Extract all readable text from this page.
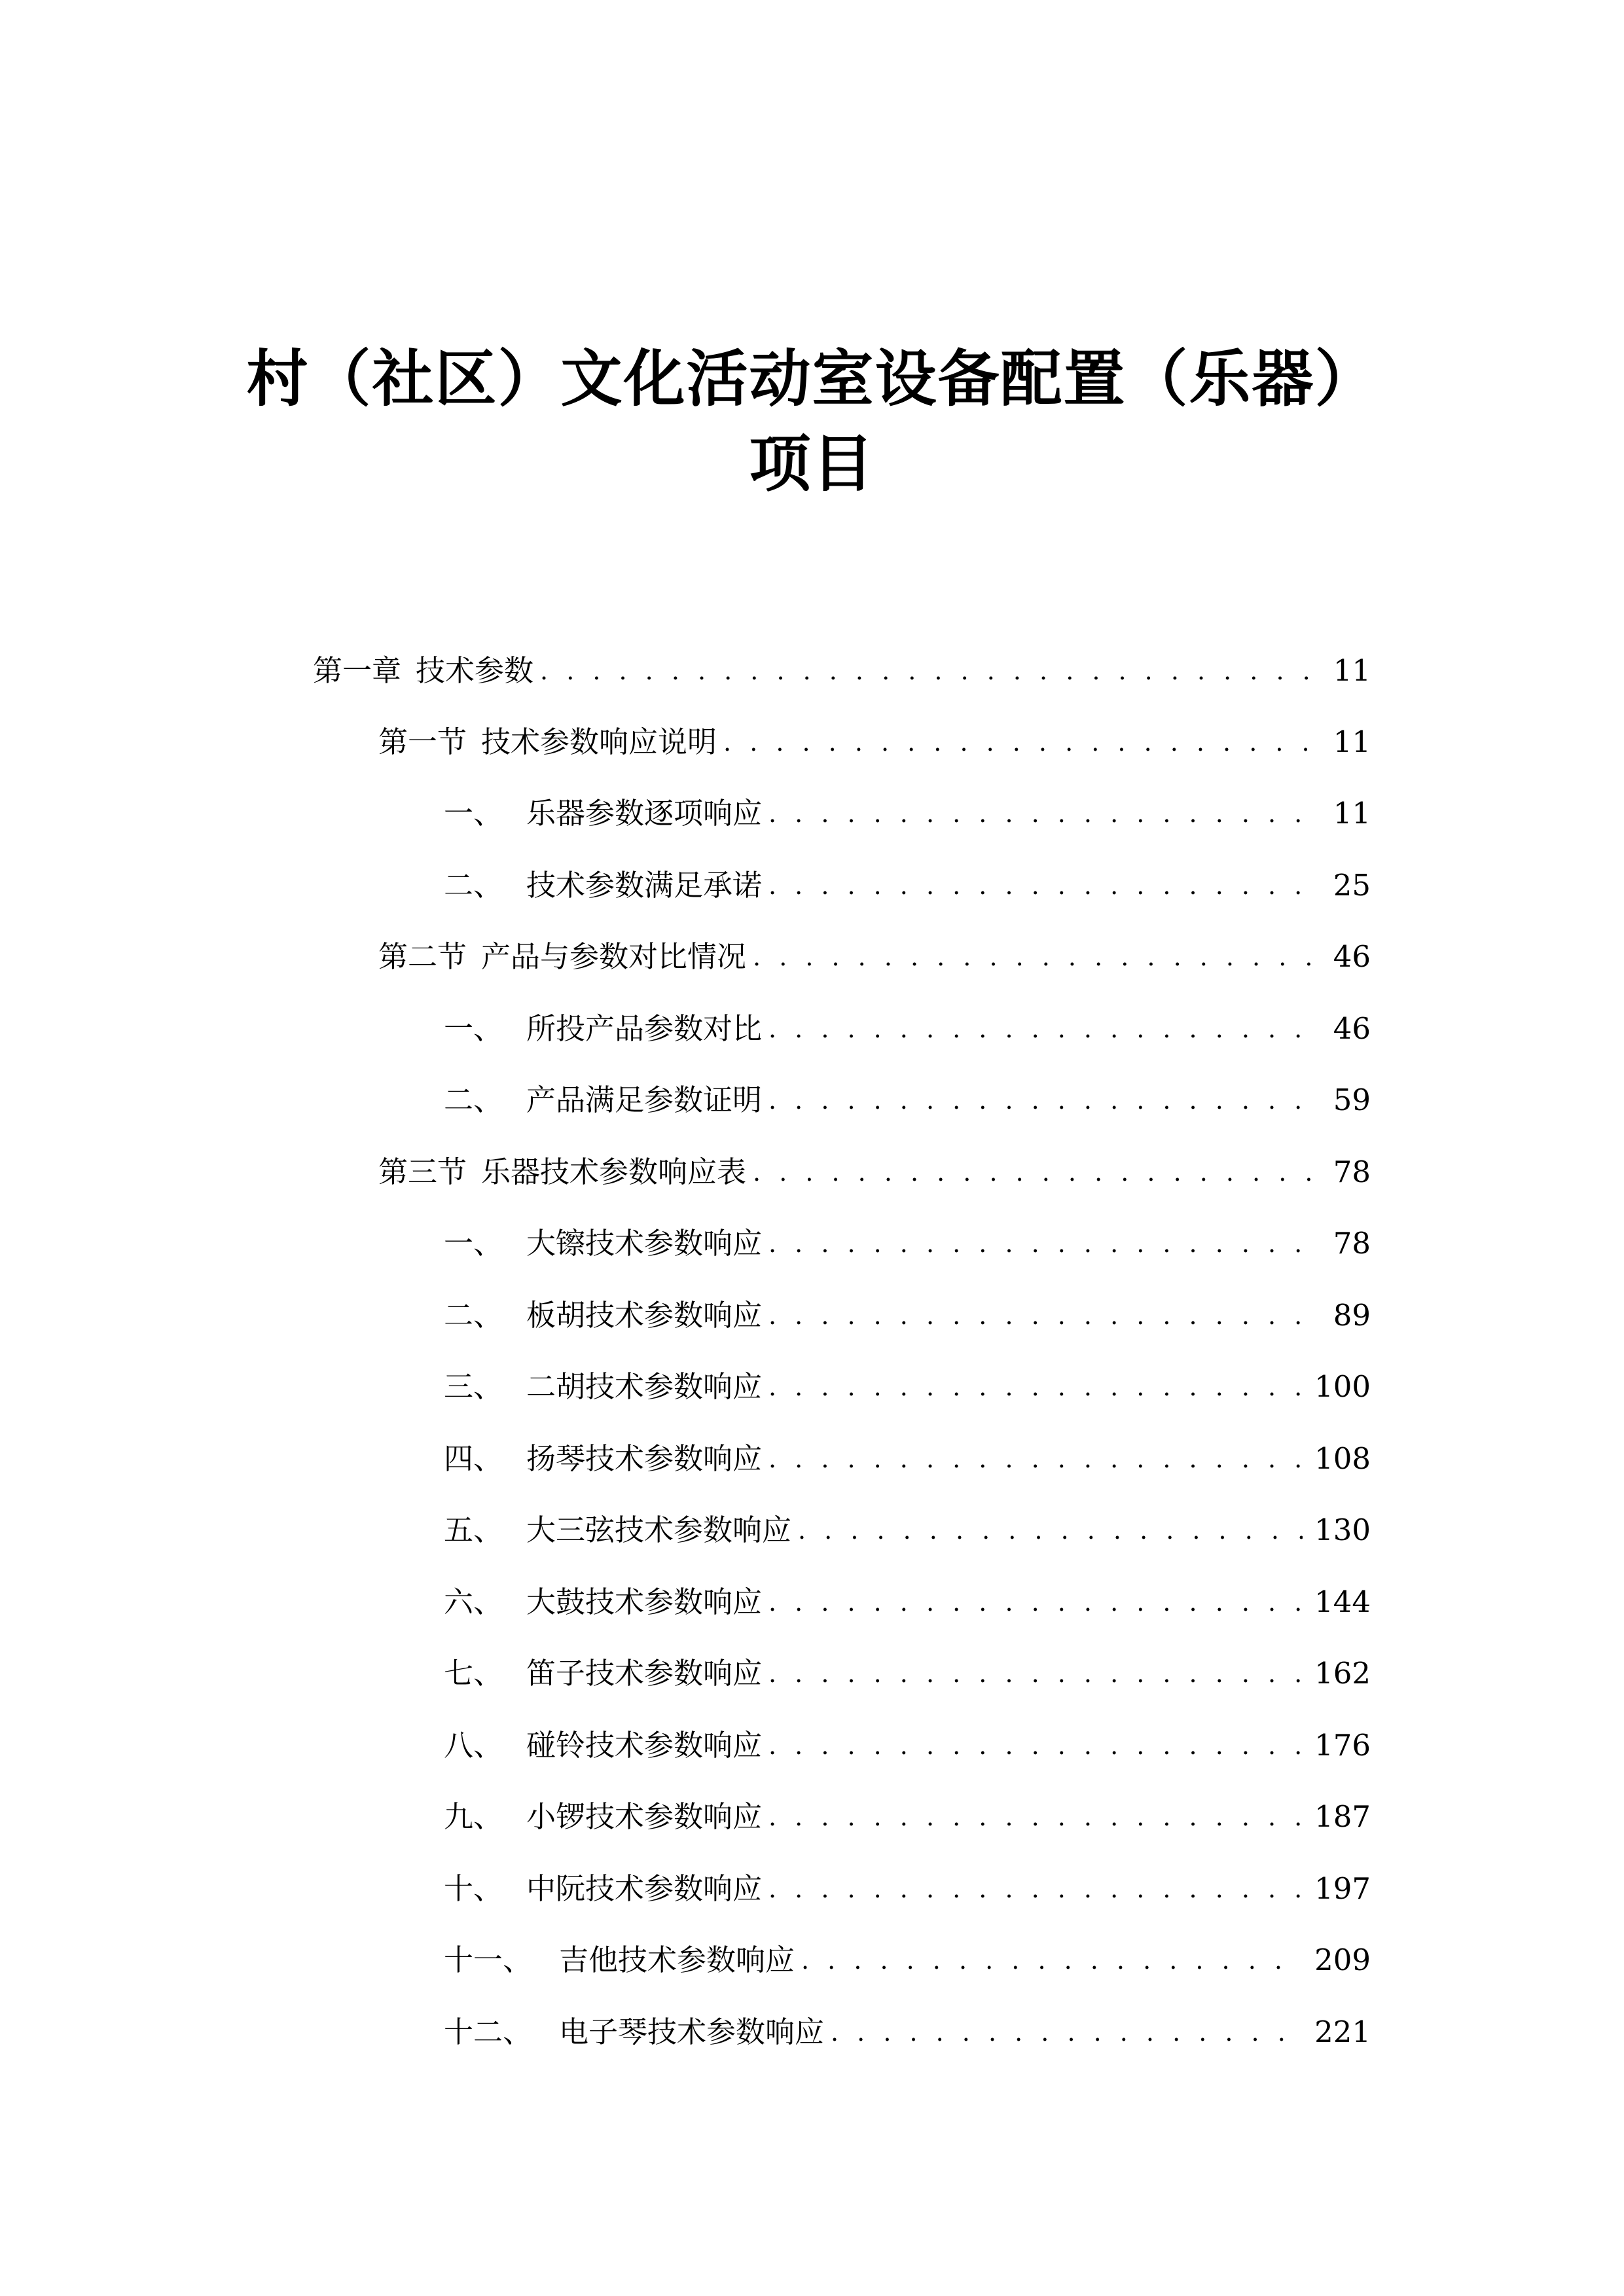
村（社区）文化活动室设备配置（乐器）
项目
第一章 技术参数 . . .	11
第一节 技术参数响应说明 . . .	11
一、 乐器参数逐项响应 . . .	11
二、 技术参数满足承诺 . . .	25
第二节 产品与参数对比情况 . . .	46
一、 所投产品参数对比 . . .	46
二、 产品满足参数证明 . . .	59
第三节 乐器技术参数响应表 . . .	78
一、 大镲技术参数响应 . . .	78
二、 板胡技术参数响应 . . .	89
三、 二胡技术参数响应 . . .	100
四、 扬琴技术参数响应 . . .	108
五、 大三弦技术参数响应 . . .	130
六、 大鼓技术参数响应 . . .	144
七、 笛子技术参数响应 . . .	162
八、 碰铃技术参数响应 . . .	176
九、 小锣技术参数响应 . . .	187
十、 中阮技术参数响应 . . .	197
十一、 吉他技术参数响应 . . .	209
十二、 电子琴技术参数响应 . . .	221
